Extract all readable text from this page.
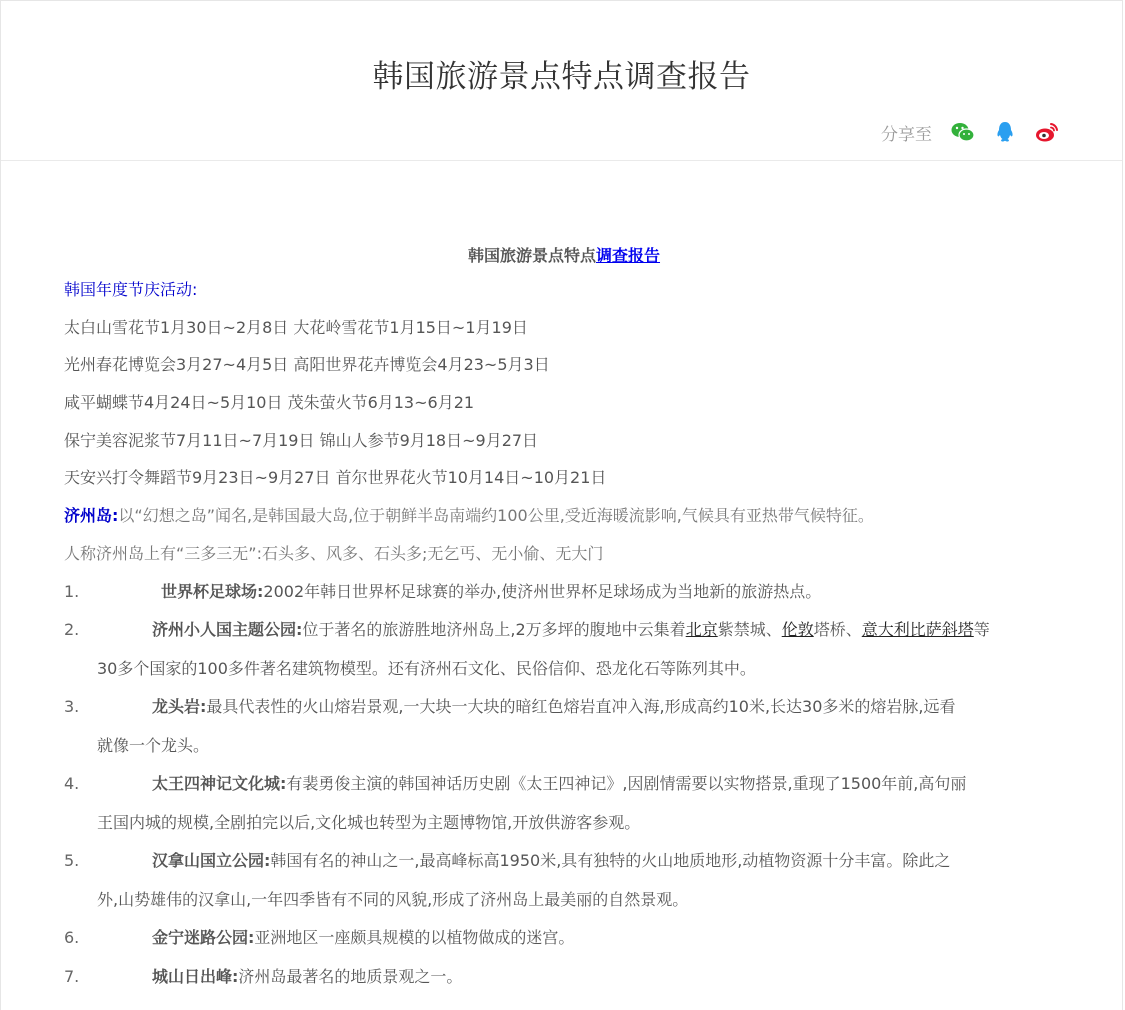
韩国旅游景点特点调查报告
分享至
韩国旅游景点特点调查报告
韩国年度节庆活动:
太白山雪花节1月30日~2月8日 大花岭雪花节1月15日~1月19日
光州春花博览会3月27~4月5日 高阳世界花卉博览会4月23~5月3日
咸平蝴蝶节4月24日~5月10日 茂朱萤火节6月13~6月21
保宁美容泥浆节7月11日~7月19日 锦山人参节9月18日~9月27日
天安兴打令舞蹈节9月23日~9月27日 首尔世界花火节10月14日~10月21日
济州岛:以“幻想之岛”闻名,是韩国最大岛,位于朝鲜半岛南端约100公里,受近海暖流影响,气候具有亚热带气候特征。
人称济州岛上有“三多三无”:石头多、风多、石头多;无乞丐、无小偷、无大门
1.	世界杯足球场:2002年韩日世界杯足球赛的举办,使济州世界杯足球场成为当地新的旅游热点。
2.	济州小人国主题公园:位于著名的旅游胜地济州岛上,2万多坪的腹地中云集着北京紫禁城、伦敦塔桥、意大利比萨斜塔等
30多个国家的100多件著名建筑物模型。还有济州石文化、民俗信仰、恐龙化石等陈列其中。
3.	龙头岩:最具代表性的火山熔岩景观,一大块一大块的暗红色熔岩直冲入海,形成高约10米,长达30多米的熔岩脉,远看
就像一个龙头。
4.	太王四神记文化城:有裴勇俊主演的韩国神话历史剧《太王四神记》,因剧情需要以实物搭景,重现了1500年前,高句丽
王国内城的规模,全剧拍完以后,文化城也转型为主题博物馆,开放供游客参观。
5.	汉拿山国立公园:韩国有名的神山之一,最高峰标高1950米,具有独特的火山地质地形,动植物资源十分丰富。除此之
外,山势雄伟的汉拿山,一年四季皆有不同的风貌,形成了济州岛上最美丽的自然景观。
6.	金宁迷路公园:亚洲地区一座颇具规模的以植物做成的迷宫。
7.	城山日出峰:济州岛最著名的地质景观之一。
